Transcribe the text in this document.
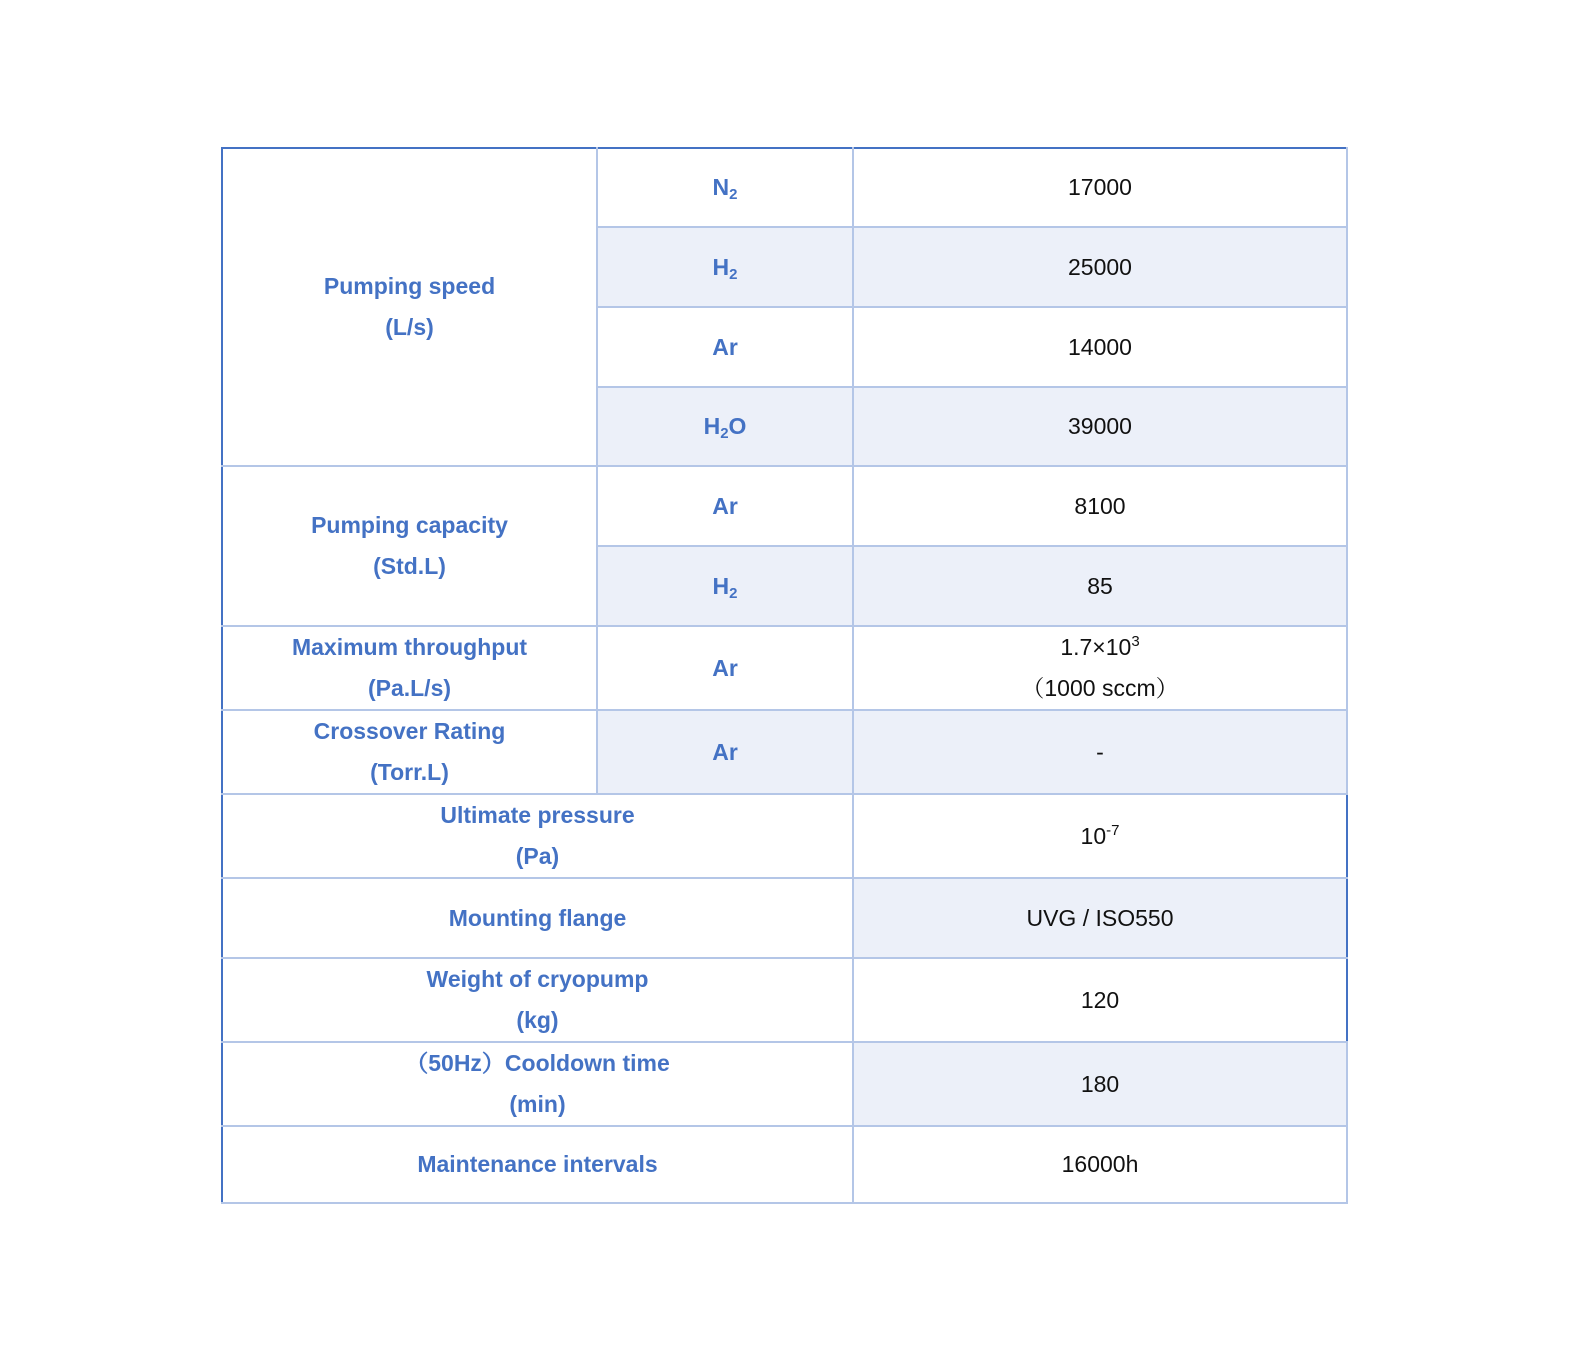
Pumping speed
(L/s)	$N_2$	17000
	$H_2$	25000
	Ar	14000
	$H_2O$	39000

Pumping capacity
(Std.L)	Ar	8100
	$H_2$	85

Maximum throughput
(Pa.L/s)	Ar	$1.7\times 10^3$
（1000 sccm）

Crossover Rating
(Torr.L)	Ar	-

Ultimate pressure
(Pa)		$10^{-7}$
Mounting flange		UVG / ISO550

Weight of cryopump
(kg)		120

（50Hz）Cooldown time
(min)		180
Maintenance intervals		16000h
